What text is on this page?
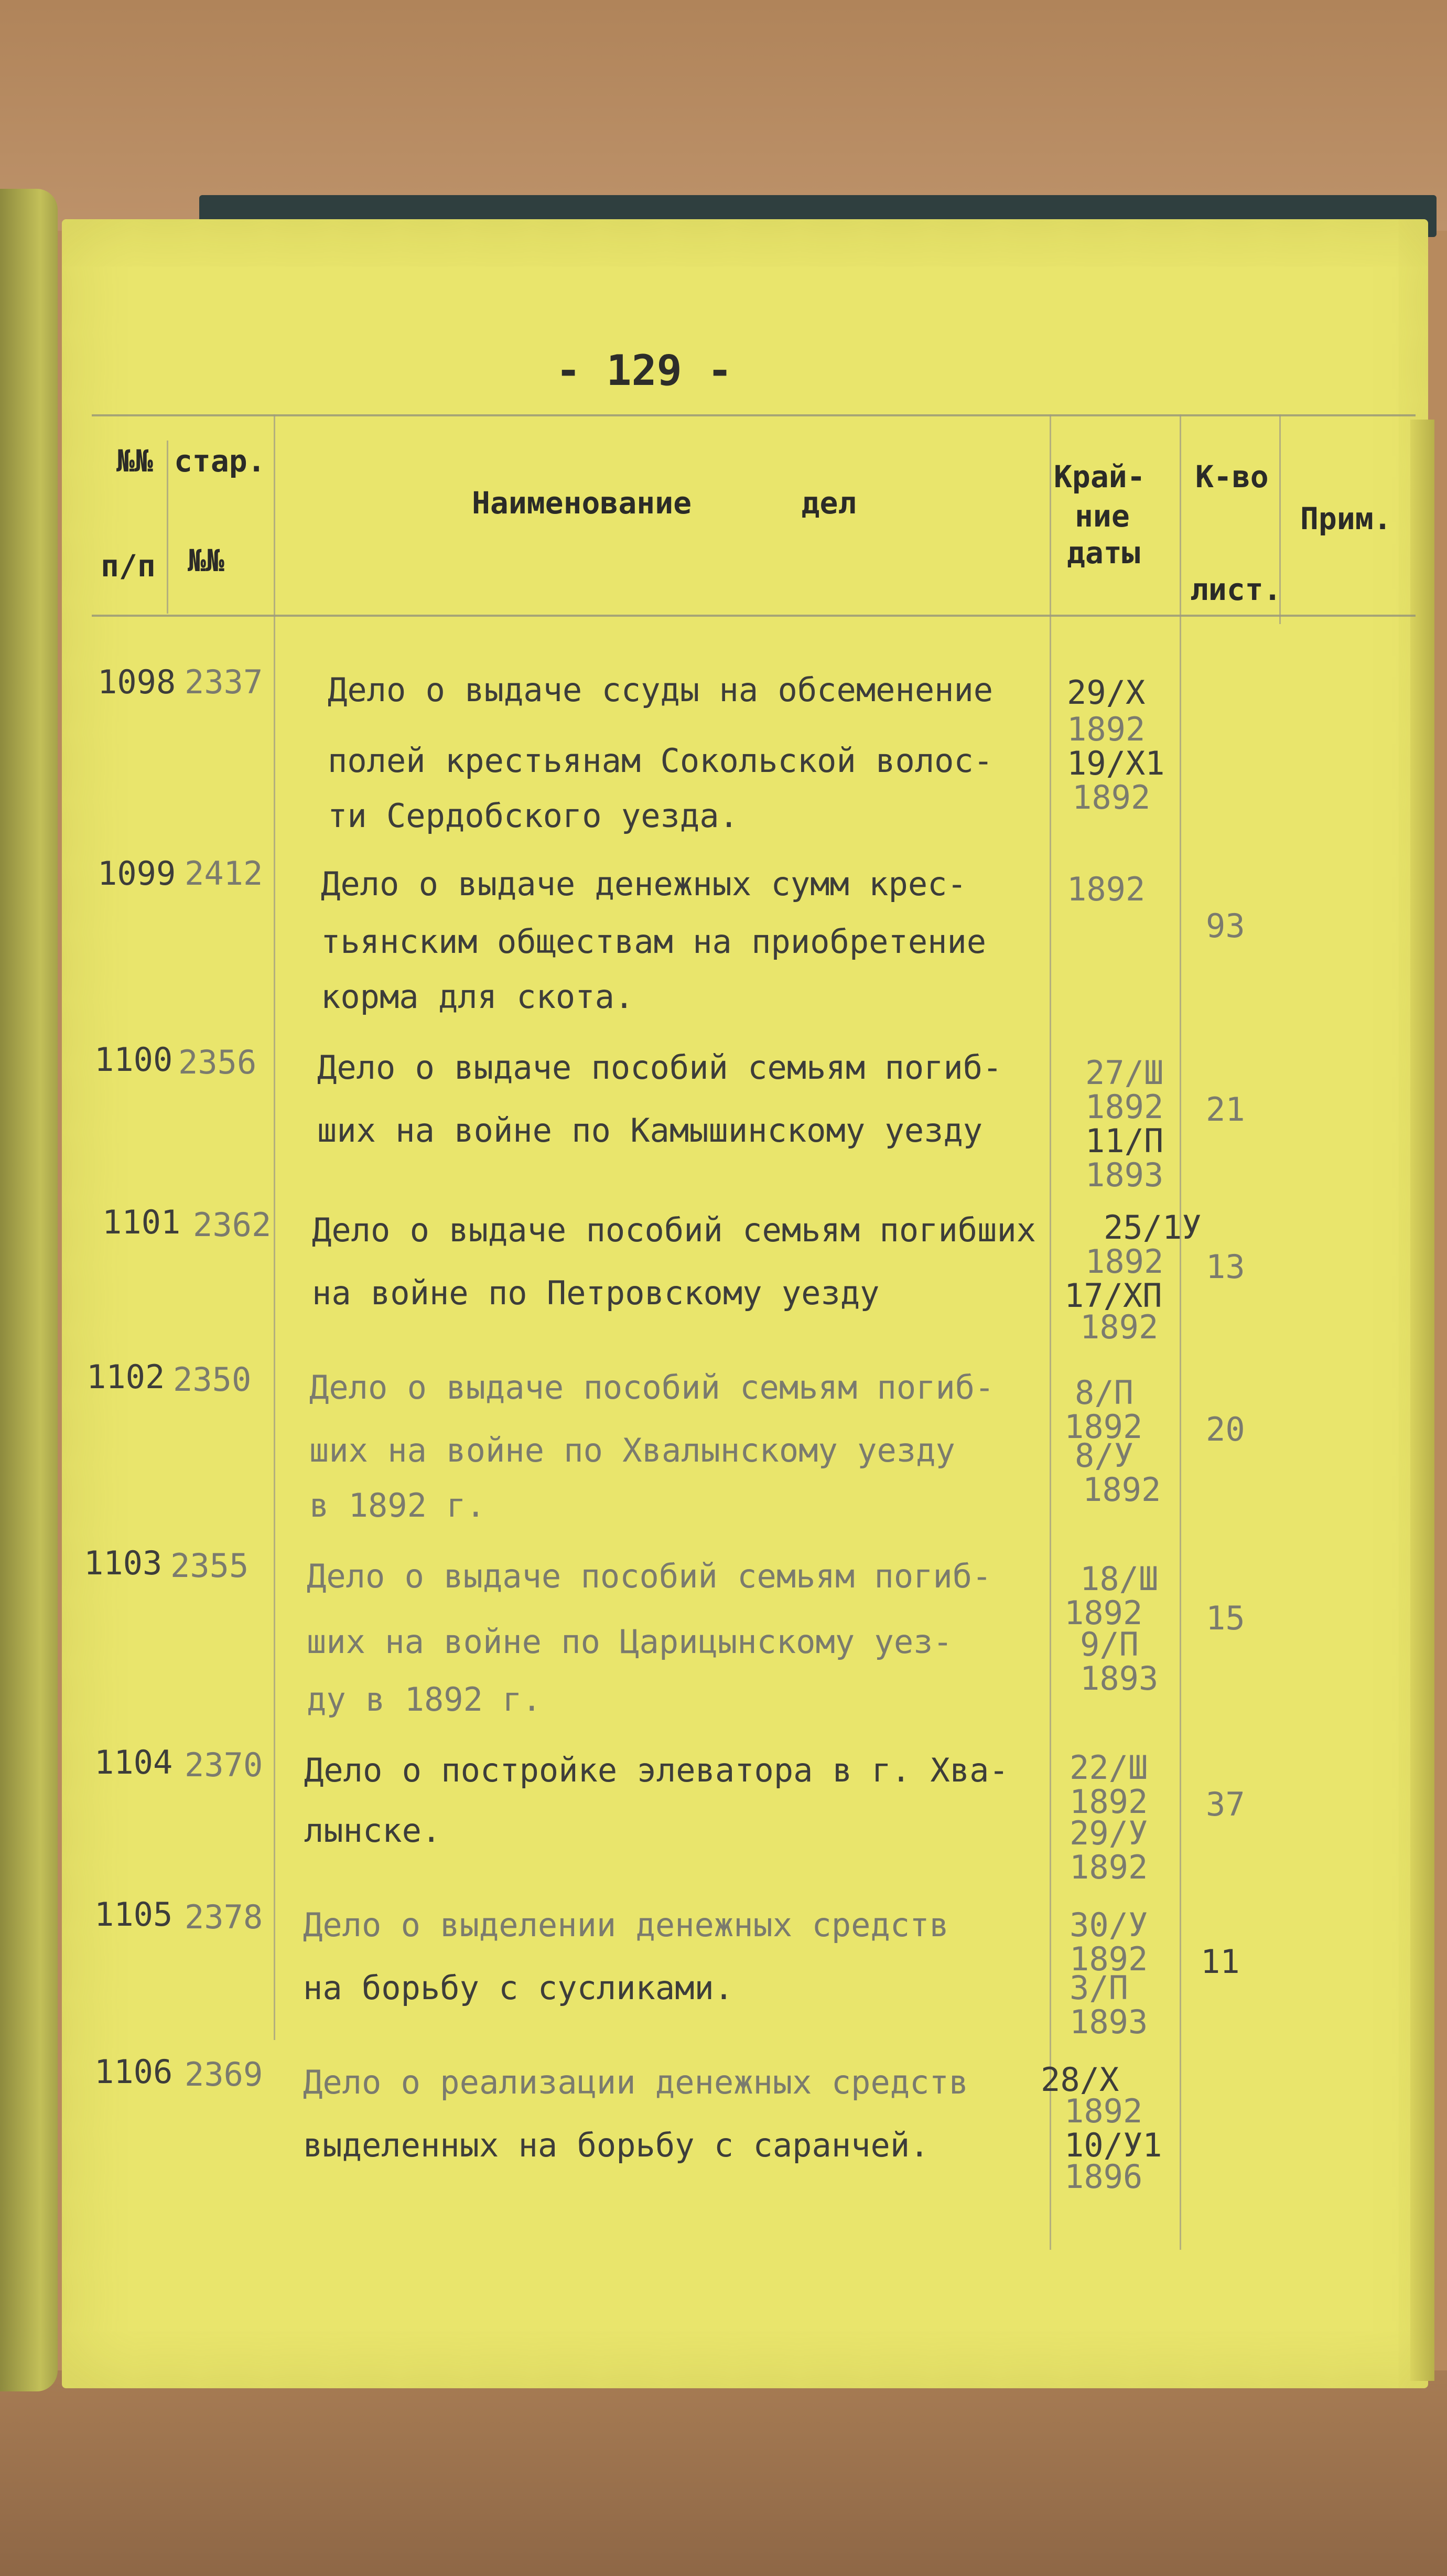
- 129 -
№№ стар.
п/п №№
Наименование      дел
Край-
ние
даты
К-во
лист.
Прим.
1098 2337 Дело о выдаче ссуды на обсеменение
полей крестьянам Сокольской волос-
ти Сердобского уезда.
29/Х
1892
19/Х1
1892
1099 2412 Дело о выдаче денежных сумм крес-
тьянским обществам на приобретение
корма для скота.
1892
93
1100 2356 Дело о выдаче пособий семьям погиб-
ших на войне по Камышинскому уезду
27/Ш
1892
11/П
1893
21
1101 2362 Дело о выдаче пособий семьям погибших
на войне по Петровскому уезду
25/1У
1892
17/ХП
1892
13
1102 2350 Дело о выдаче пособий семьям погиб-
ших на войне по Хвалынскому уезду
в 1892 г.
8/П
1892
8/У
1892
20
1103 2355 Дело о выдаче пособий семьям погиб-
ших на войне по Царицынскому уез-
ду в 1892 г.
18/Ш
1892
9/П
1893
15
1104 2370 Дело о постройке элеватора в г. Хва-
лынске.
22/Ш
1892
29/У
1892
37
1105 2378 Дело о выделении денежных средств
на борьбу с сусликами.
30/У
1892
3/П
1893
11
1106 2369 Дело о реализации денежных средств
выделенных на борьбу с саранчей.
28/Х
1892
10/У1
1896
